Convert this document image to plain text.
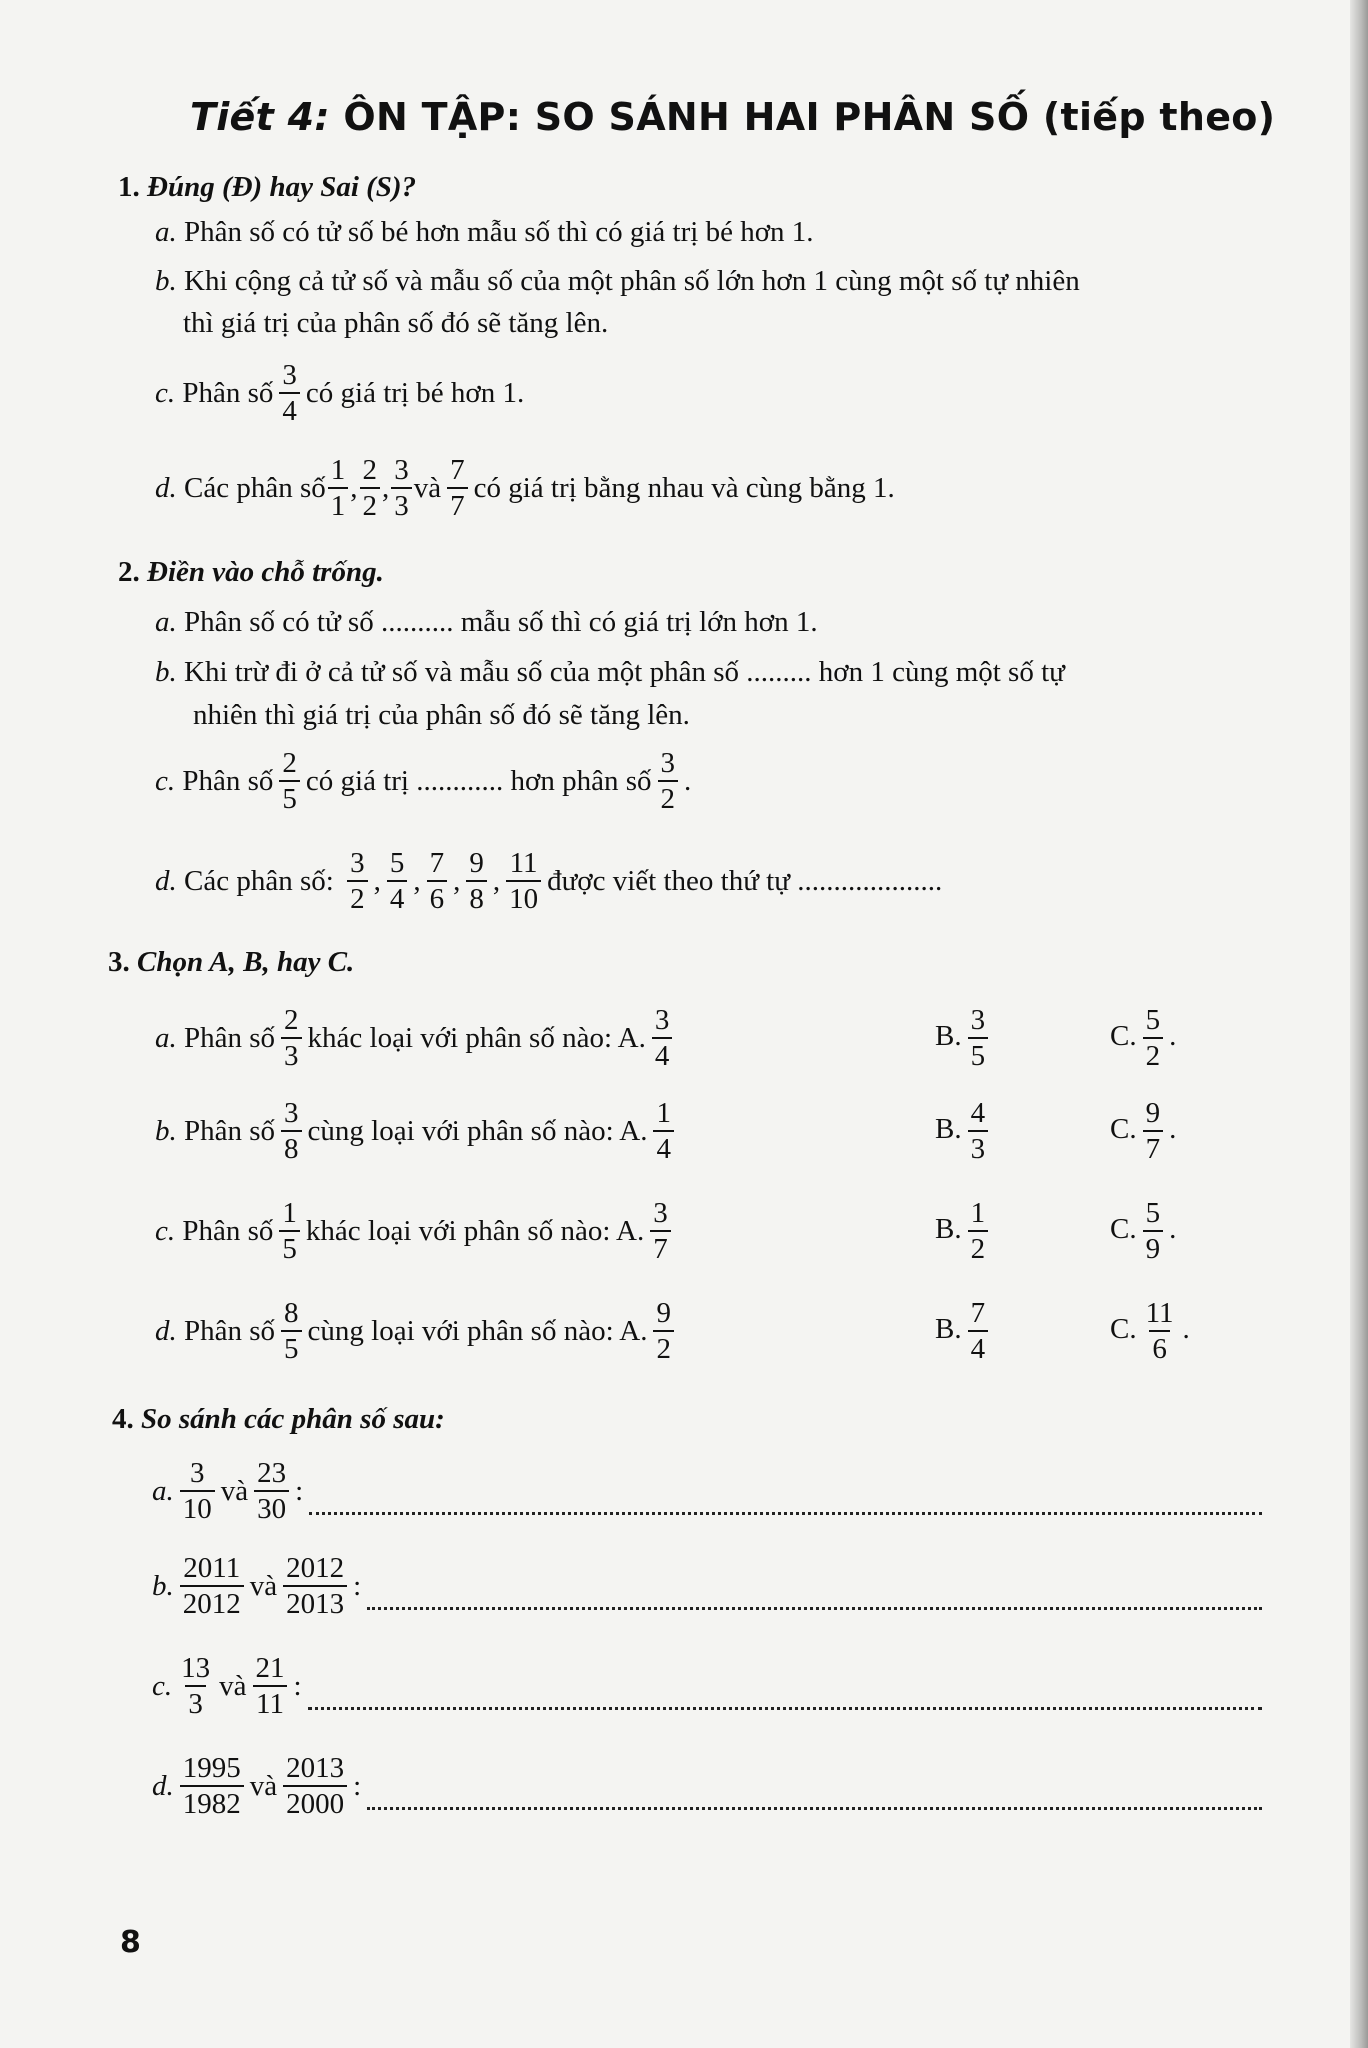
Tiết 4: ÔN TẬP: SO SÁNH HAI PHÂN SỐ (tiếp theo)
1. Đúng (Đ) hay Sai (S)?
a.
Phân số có tử số bé hơn mẫu số thì có giá trị bé hơn 1.
b.
Khi cộng cả tử số và mẫu số của một phân số lớn hơn 1 cùng một số tự nhiên
thì giá trị của phân số đó sẽ tăng lên.
c.
Phân số $\frac{3}{4}$ có giá trị bé hơn 1.
d.
Các phân số $\frac{1}{1}$ , $\frac{2}{2}$ , $\frac{3}{3}$ và $\frac{7}{7}$ có giá trị bằng nhau và cùng bằng 1.
2. Điền vào chỗ trống.
a.
Phân số có tử số
..........
mẫu số thì có giá trị lớn hơn 1.
b.
Khi trừ đi ở cả tử số và mẫu số của một phân số
.........
hơn 1 cùng một số tự
nhiên thì giá trị của phân số đó sẽ tăng lên.
c.
Phân số $\frac{2}{5}$ có giá trị
............
hơn phân số $\frac{3}{2}$ .
d.
Các phân số:
$\frac{3}{2}$ , $\frac{5}{4}$ , $\frac{7}{6}$ , $\frac{9}{8}$ , $\frac{11}{10}$ được viết theo thứ tự
....................
3. Chọn A, B, hay C.
a.
Phân số $\frac{2}{3}$ khác loại với phân số nào: A. $\frac{3}{4}$	B. $\frac{3}{5}$	C. $\frac{5}{2}$ .
b.
Phân số $\frac{3}{8}$ cùng loại với phân số nào: A. $\frac{1}{4}$	B. $\frac{4}{3}$	C. $\frac{9}{7}$ .
c.
Phân số $\frac{1}{5}$ khác loại với phân số nào: A. $\frac{3}{7}$	B. $\frac{1}{2}$	C. $\frac{5}{9}$ .
d.
Phân số $\frac{8}{5}$ cùng loại với phân số nào: A. $\frac{9}{2}$	B. $\frac{7}{4}$	C. $\frac{11}{6}$ .
4. So sánh các phân số sau:
a. $\frac{3}{10}$ và $\frac{23}{30}$ :
b. $\frac{2011}{2012}$ và $\frac{2012}{2013}$ :
c. $\frac{13}{3}$ và $\frac{21}{11}$ :
d. $\frac{1995}{1982}$ và $\frac{2013}{2000}$ :
8
